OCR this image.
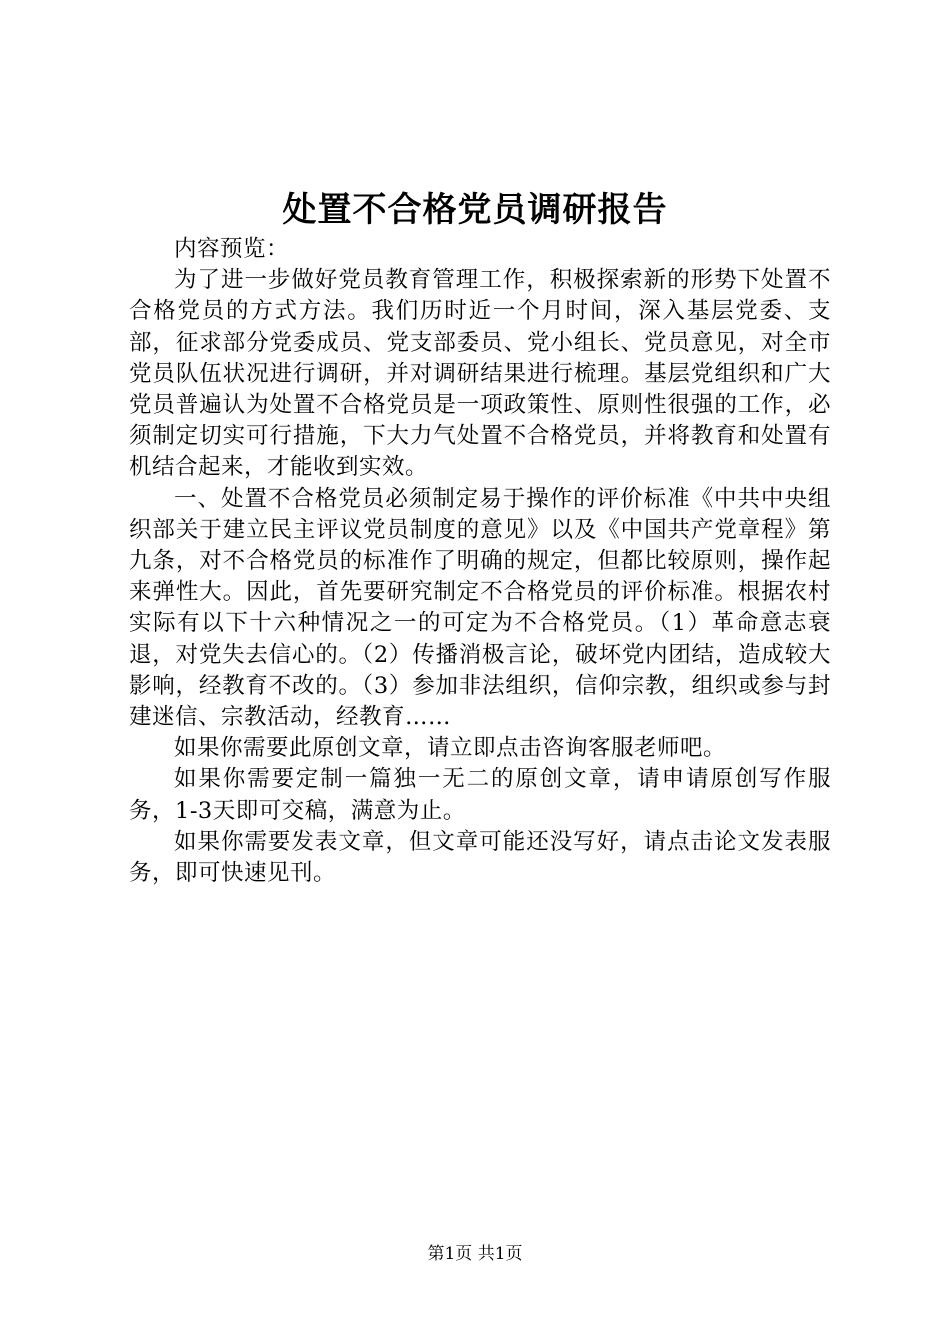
处置不合格党员调研报告

内容预览：

为了进一步做好党员教育管理工作，积极探索新的形势下处置不合格党员的方式方法。我们历时近一个月时间，深入基层党委、支部，征求部分党委成员、党支部委员、党小组长、党员意见，对全市党员队伍状况进行调研，并对调研结果进行梳理。基层党组织和广大党员普遍认为处置不合格党员是一项政策性、原则性很强的工作，必须制定切实可行措施，下大力气处置不合格党员，并将教育和处置有机结合起来，才能收到实效。

一、处置不合格党员必须制定易于操作的评价标准《中共中央组织部关于建立民主评议党员制度的意见》以及《中国共产党章程》第九条，对不合格党员的标准作了明确的规定，但都比较原则，操作起来弹性大。因此，首先要研究制定不合格党员的评价标准。根据农村实际有以下十六种情况之一的可定为不合格党员。（1）革命意志衰退，对党失去信心的。（2）传播消极言论，破坏党内团结，造成较大影响，经教育不改的。（3）参加非法组织，信仰宗教，组织或参与封建迷信、宗教活动，经教育……

如果你需要此原创文章，请立即点击咨询客服老师吧。

如果你需要定制一篇独一无二的原创文章，请申请原创写作服务，1-3天即可交稿，满意为止。

如果你需要发表文章，但文章可能还没写好，请点击论文发表服务，即可快速见刊。

第1页 共1页
